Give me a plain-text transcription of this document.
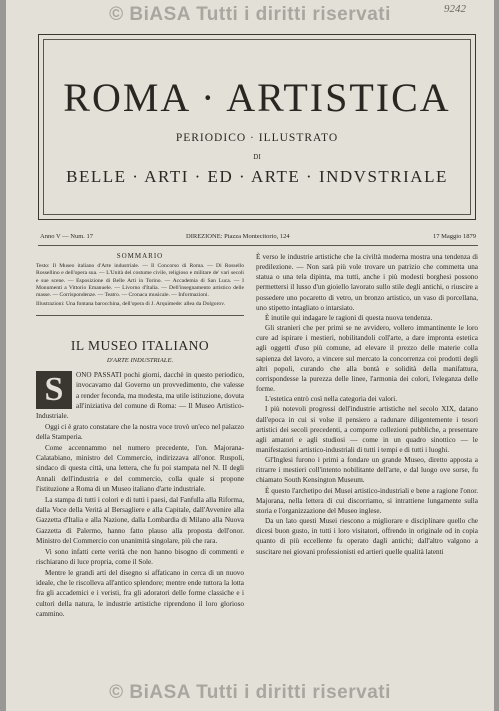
© BiASA Tutti i diritti riservati	9242
ROMA · ARTISTICA
PERIODICO · ILLUSTRATO
DI
BELLE · ARTI · ED · ARTE · INDVSTRIALE
Anno V — Num. 17	DIREZIONE: Piazza Montecitorio, 124	17 Maggio 1879
SOMMARIO

Testo: Il Museo italiano d'Arte industriale. — Il Concorso di Roma. — Di Rossello Rossellino e dell'opera sua. — L'Unità del costume civile, religioso e militare de' vari secoli e sue scene. — Esposizione di Belle Arti in Torino. — Accademia di San Luca. — I Monumenti a Vittorio Emanuele. — Livorno d'Italia. — Dell'insegnamento artistico delle masse. — Corrispondenze. — Teatro. — Cronaca musicale. — Informazioni.

Illustrazioni: Una fontana barocchina, dell'opera di J. Arquimede: allea da Dolgorov.

IL MUSEO ITALIANO
D'ARTE INDUSTRIALE.
S	ONO PASSATI pochi giorni, dacchè in questo periodico, invocavamo dal Governo un provvedimento, che valesse a render feconda, ma modesta, ma utile istituzione, dovuta all'iniziativa del comune di Roma: — Il Museo Artistico-Industriale.

Oggi ci è grato constatare che la nostra voce trovò un'eco nel palazzo della Stamperia.

Come accennammo nel numero precedente, l'on. Majorana-Calatabiano, ministro del Commercio, indirizzava all'onor. Ruspoli, sindaco di questa città, una lettera, che fu poi stampata nel N. II degli Annali dell'industria e del commercio, colla quale si propone l'istituzione a Roma di un Museo italiano d'arte industriale.

La stampa di tutti i colori e di tutti i paesi, dal Fanfulla alla Riforma, dalla Voce della Verità al Bersagliere e alla Capitale, dall'Avvenire alla Gazzetta d'Italia e alla Nazione, dalla Lombardia di Milano alla Nuova Gazzetta di Palermo, hanno fatto plauso alla proposta dell'onor. Ministro del Commercio con unanimità singolare, più che rara.

Vi sono infatti certe verità che non hanno bisogno di commenti e rischiarano di luce propria, come il Sole.

Mentre le grandi arti del disegno si affaticano in cerca di un nuovo ideale, che le riscolleva all'antico splendore; mentre ende tuttora la lotta fra gli accademici e i veristi, fra gli adoratori delle forme classiche e i cultori della natura, le industrie artistiche riprendono il loro glorioso cammino.

È verso le industrie artistiche che la civiltà moderna mostra una tendenza di predilezione. — Non sarà più vole trovare un patrizio che commetta una statua o una tela dipinta, ma tutti, anche i più modesti borghesi possono permettersi il lusso d'un gioiello lavorato sullo stile degli antichi, o riuscire a possedere uno pocaretto di vetro, un bronzo artistico, un vaso di porcellana, uno stipetto intagliato o intarsiato.

È inutile qui indagare le ragioni di questa nuova tendenza.

Gli stranieri che per primi se ne avvidero, vollero immantinente le loro cure ad ispirare i mestieri, nobilitandoli coll'arte, a dare impronta estetica agli oggetti d'uso più comune, ad elevare il prezzo delle materie colla sapienza del lavoro, a vincere sul mercato la concorrenza coi prodotti degli altri popoli, curando che alla bontà e solidità della manifattura, corrispondesse la purezza delle linee, l'armonia dei colori, l'eleganza delle forme.

L'estetica entrò così nella categoria dei valori.

I più notevoli progressi dell'industrie artistiche nel secolo XIX, datano dall'epoca in cui si volse il pensiero a radunare diligentemente i tesori artistici dei secoli precedenti, a comporre collezioni pubbliche, a presentare agli amatori e agli studiosi — come in un quadro sinottico — le manifestazioni artistico-industriali di tutti i tempi e di tutti i luoghi.

Gl'Inglesi furono i primi a fondare un grande Museo, diretto apposta a ritrarre i mestieri coll'intento nobilitante dell'arte, e dal luogo ove sorse, fu chiamato South Kensington Museum.

È questo l'archetipo dei Musei artistico-industriali e bene a ragione l'onor. Majorana, nella lettera di cui discorriamo, si intrattiene lungamente sulla storia e l'organizzazione del Museo inglese.

Da un lato questi Musei riescono a migliorare e disciplinare quello che dicesi buon gusto, in tutti i loro visitatori, offrendo in originale od in copia quanto di più eccellente fu operato dagli antichi; dall'altro valgono a suscitare nei giovani professionisti ed artieri quelle qualità latenti

© BiASA Tutti i diritti riservati
